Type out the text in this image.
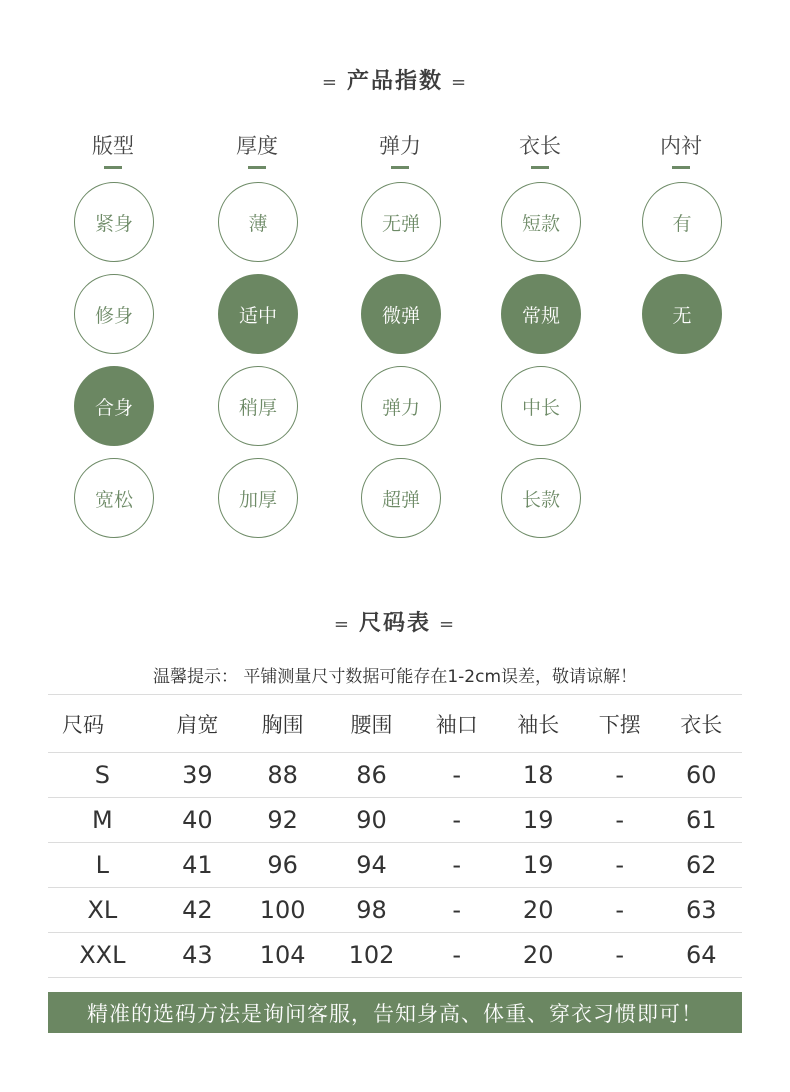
= 产品指数 =
版型
紧身
修身
合身
宽松
厚度
薄
适中
稍厚
加厚
弹力
无弹
微弹
弹力
超弹
衣长
短款
常规
中长
长款
内衬
有
无
= 尺码表 =
温馨提示： 平铺测量尺寸数据可能存在1-2cm误差，敬请谅解！
尺码	肩宽	胸围	腰围	袖口	袖长	下摆	衣长
S	39	88	86	-	18	-	60
M	40	92	90	-	19	-	61
L	41	96	94	-	19	-	62
XL	42	100	98	-	20	-	63
XXL	43	104	102	-	20	-	64
精准的选码方法是询问客服，告知身高、体重、穿衣习惯即可！
